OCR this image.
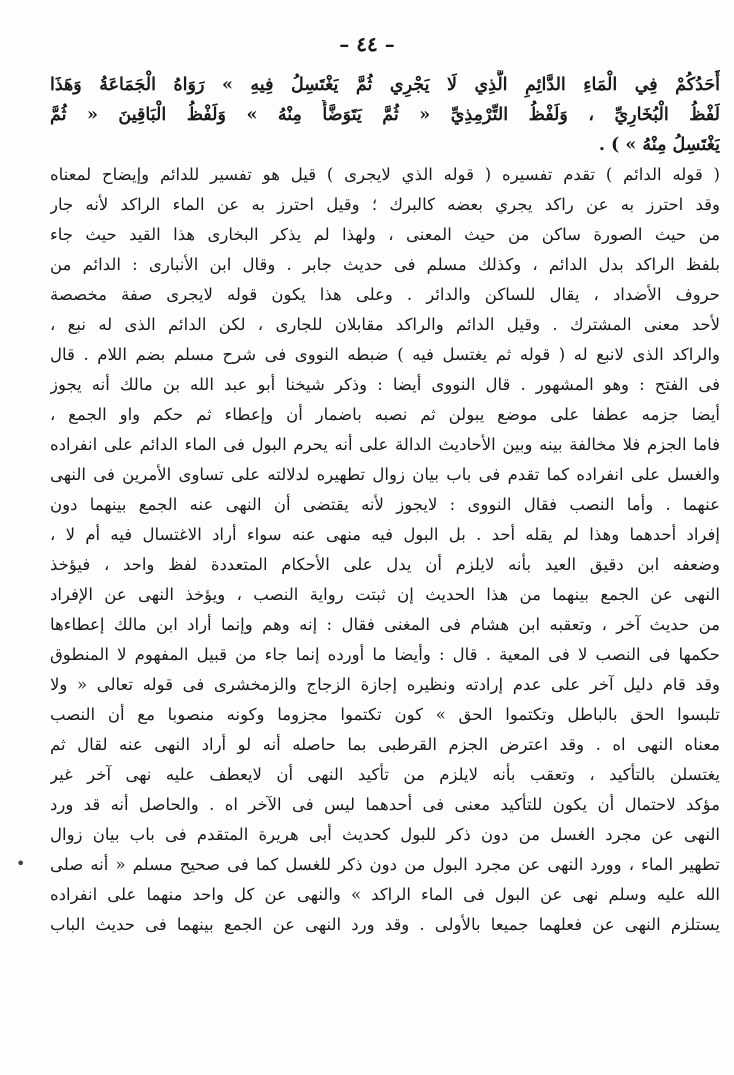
– ٤٤ –
أَحَدُكُمْ فِي الْمَاءِ الدَّائِمِ الَّذِي لَا يَجْرِي ثُمَّ يَغْتَسِلُ فِيهِ » رَوَاهُ الْجَمَاعَةُ وَهَذَا
لَفْظُ الْبُخَارِيِّ ، وَلَفْظُ التِّرْمِذِيِّ « ثُمَّ يَتَوَضَّأُ مِنْهُ » وَلَفْظُ الْبَاقِينَ « ثُمَّ
يَغْتَسِلُ مِنْهُ » ) .
( قوله الدائم ) تقدم تفسيره ( قوله الذي لايجرى ) قيل هو تفسير للدائم وإيضاح لمعناه
وقد احترز به عن راكد يجري بعضه كالبرك ؛ وقيل احترز به عن الماء الراكد لأنه جار
من حيث الصورة ساكن من حيث المعنى ، ولهذا لم يذكر البخارى هذا القيد حيث جاء
بلفظ الراكد بدل الدائم ، وكذلك مسلم فى حديث جابر . وقال ابن الأنبارى : الدائم من
حروف الأضداد ، يقال للساكن والدائر . وعلى هذا يكون قوله لايجرى صفة مخصصة
لأحد معنى المشترك . وقيل الدائم والراكد مقابلان للجارى ، لكن الدائم الذى له نبع ،
والراكد الذى لانبع له ( قوله ثم يغتسل فيه ) ضبطه النووى فى شرح مسلم بضم اللام . قال
فى الفتح : وهو المشهور . قال النووى أيضا : وذكر شيخنا أبو عبد الله بن مالك أنه يجوز
أيضا جزمه عطفا على موضع يبولن ثم نصبه باضمار أن وإعطاء ثم حكم واو الجمع ،
فاما الجزم فلا مخالفة بينه وبين الأحاديث الدالة على أنه يحرم البول فى الماء الدائم على انفراده
والغسل على انفراده كما تقدم فى باب بيان زوال تطهيره لدلالته على تساوى الأمرين فى النهى
عنهما . وأما النصب فقال النووى : لايجوز لأنه يقتضى أن النهى عنه الجمع بينهما دون
إفراد أحدهما وهذا لم يقله أحد . بل البول فيه منهى عنه سواء أراد الاغتسال فيه أم لا ،
وضعفه ابن دقيق العيد بأنه لايلزم أن يدل على الأحكام المتعددة لفظ واحد ، فيؤخذ
النهى عن الجمع بينهما من هذا الحديث إن ثبتت رواية النصب ، ويؤخذ النهى عن الإفراد
من حديث آخر ، وتعقبه ابن هشام فى المغنى فقال : إنه وهم وإنما أراد ابن مالك إعطاءها
حكمها فى النصب لا فى المعية . قال : وأيضا ما أورده إنما جاء من قبيل المفهوم لا المنطوق
وقد قام دليل آخر على عدم إرادته ونظيره إجازة الزجاج والزمخشرى فى قوله تعالى « ولا
تلبسوا الحق بالباطل وتكتموا الحق » كون تكتموا مجزوما وكونه منصوبا مع أن النصب
معناه النهى اه . وقد اعترض الجزم القرطبى بما حاصله أنه لو أراد النهى عنه لقال ثم
يغتسلن بالتأكيد ، وتعقب بأنه لايلزم من تأكيد النهى أن لايعطف عليه نهى آخر غير
مؤكد لاحتمال أن يكون للتأكيد معنى فى أحدهما ليس فى الآخر اه . والحاصل أنه قد ورد
النهى عن مجرد الغسل من دون ذكر للبول كحديث أبى هريرة المتقدم فى باب بيان زوال
تطهير الماء ، وورد النهى عن مجرد البول من دون ذكر للغسل كما فى صحيح مسلم « أنه صلى
الله عليه وسلم نهى عن البول فى الماء الراكد » والنهى عن كل واحد منهما على انفراده
يستلزم النهى عن فعلهما جميعا بالأولى . وقد ورد النهى عن الجمع بينهما فى حديث الباب
•
